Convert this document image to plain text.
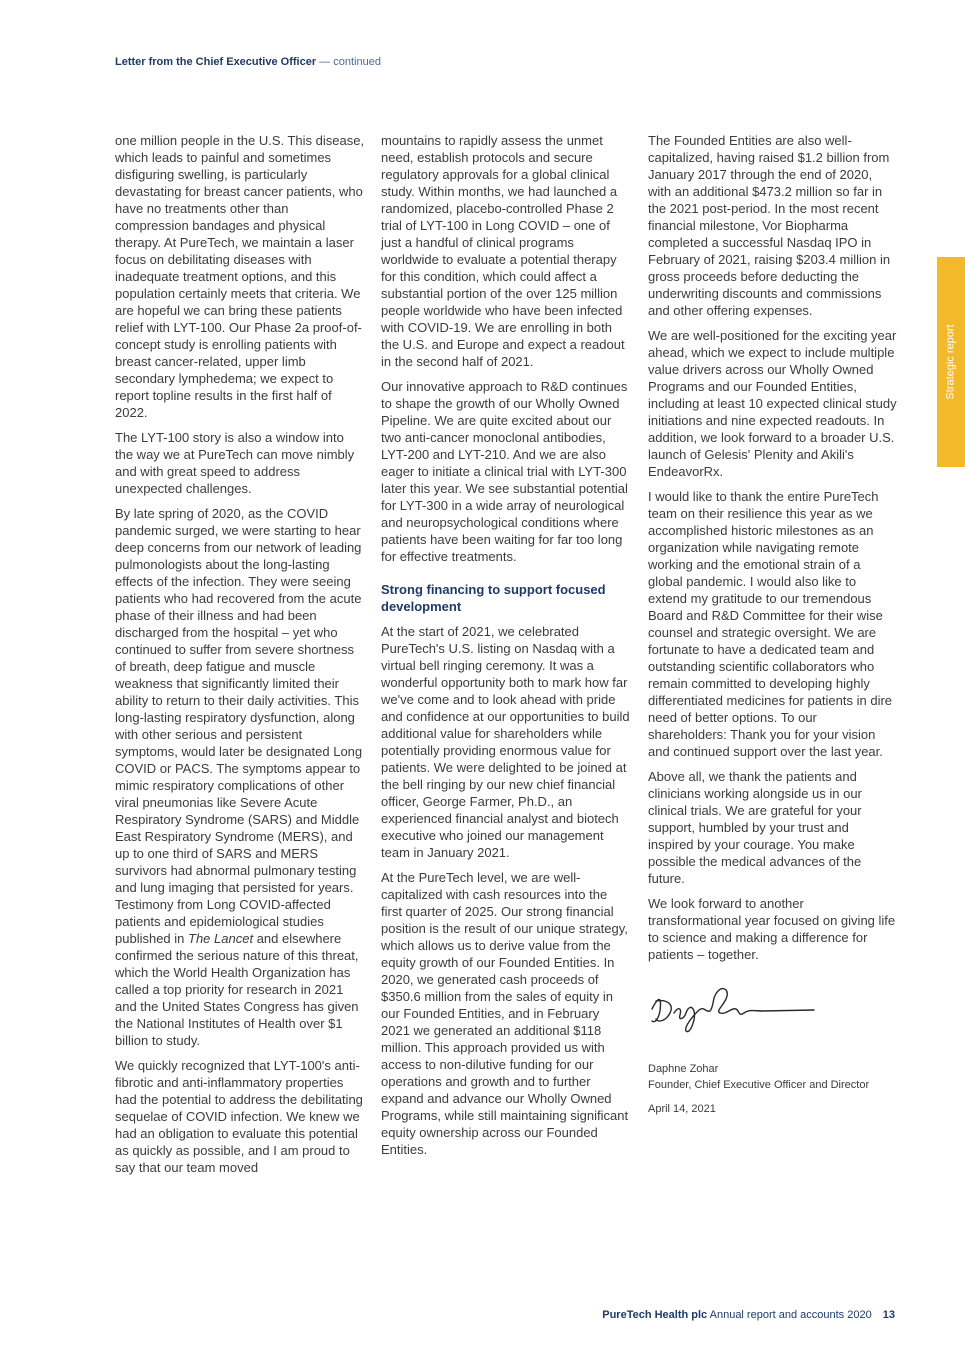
Letter from the Chief Executive Officer — continued

one million people in the U.S. This disease, which leads to painful and sometimes disfiguring swelling, is particularly devastating for breast cancer patients, who have no treatments other than compression bandages and physical therapy. At PureTech, we maintain a laser focus on debilitating diseases with inadequate treatment options, and this population certainly meets that criteria. We are hopeful we can bring these patients relief with LYT-100. Our Phase 2a proof-of-concept study is enrolling patients with breast cancer-related, upper limb secondary lymphedema; we expect to report topline results in the first half of 2022.

The LYT-100 story is also a window into the way we at PureTech can move nimbly and with great speed to address unexpected challenges.

By late spring of 2020, as the COVID pandemic surged, we were starting to hear deep concerns from our network of leading pulmonologists about the long-lasting effects of the infection. They were seeing patients who had recovered from the acute phase of their illness and had been discharged from the hospital – yet who continued to suffer from severe shortness of breath, deep fatigue and muscle weakness that significantly limited their ability to return to their daily activities. This long-lasting respiratory dysfunction, along with other serious and persistent symptoms, would later be designated Long COVID or PACS. The symptoms appear to mimic respiratory complications of other viral pneumonias like Severe Acute Respiratory Syndrome (SARS) and Middle East Respiratory Syndrome (MERS), and up to one third of SARS and MERS survivors had abnormal pulmonary testing and lung imaging that persisted for years. Testimony from Long COVID-affected patients and epidemiological studies published in The Lancet and elsewhere confirmed the serious nature of this threat, which the World Health Organization has called a top priority for research in 2021 and the United States Congress has given the National Institutes of Health over $1 billion to study.

We quickly recognized that LYT-100's anti-fibrotic and anti-inflammatory properties had the potential to address the debilitating sequelae of COVID infection. We knew we had an obligation to evaluate this potential as quickly as possible, and I am proud to say that our team moved

mountains to rapidly assess the unmet need, establish protocols and secure regulatory approvals for a global clinical study. Within months, we had launched a randomized, placebo-controlled Phase 2 trial of LYT-100 in Long COVID – one of just a handful of clinical programs worldwide to evaluate a potential therapy for this condition, which could affect a substantial portion of the over 125 million people worldwide who have been infected with COVID-19. We are enrolling in both the U.S. and Europe and expect a readout in the second half of 2021.

Our innovative approach to R&D continues to shape the growth of our Wholly Owned Pipeline. We are quite excited about our two anti-cancer monoclonal antibodies, LYT-200 and LYT-210. And we are also eager to initiate a clinical trial with LYT-300 later this year. We see substantial potential for LYT-300 in a wide array of neurological and neuropsychological conditions where patients have been waiting for far too long for effective treatments.

Strong financing to support focused development

At the start of 2021, we celebrated PureTech's U.S. listing on Nasdaq with a virtual bell ringing ceremony. It was a wonderful opportunity both to mark how far we've come and to look ahead with pride and confidence at our opportunities to build additional value for shareholders while potentially providing enormous value for patients. We were delighted to be joined at the bell ringing by our new chief financial officer, George Farmer, Ph.D., an experienced financial analyst and biotech executive who joined our management team in January 2021.

At the PureTech level, we are well-capitalized with cash resources into the first quarter of 2025. Our strong financial position is the result of our unique strategy, which allows us to derive value from the equity growth of our Founded Entities. In 2020, we generated cash proceeds of $350.6 million from the sales of equity in our Founded Entities, and in February 2021 we generated an additional $118 million. This approach provided us with access to non-dilutive funding for our operations and growth and to further expand and advance our Wholly Owned Programs, while still maintaining significant equity ownership across our Founded Entities.

The Founded Entities are also well-capitalized, having raised $1.2 billion from January 2017 through the end of 2020, with an additional $473.2 million so far in the 2021 post-period. In the most recent financial milestone, Vor Biopharma completed a successful Nasdaq IPO in February of 2021, raising $203.4 million in gross proceeds before deducting the underwriting discounts and commissions and other offering expenses.

We are well-positioned for the exciting year ahead, which we expect to include multiple value drivers across our Wholly Owned Programs and our Founded Entities, including at least 10 expected clinical study initiations and nine expected readouts. In addition, we look forward to a broader U.S. launch of Gelesis' Plenity and Akili's EndeavorRx.

I would like to thank the entire PureTech team on their resilience this year as we accomplished historic milestones as an organization while navigating remote working and the emotional strain of a global pandemic. I would also like to extend my gratitude to our tremendous Board and R&D Committee for their wise counsel and strategic oversight. We are fortunate to have a dedicated team and outstanding scientific collaborators who remain committed to developing highly differentiated medicines for patients in dire need of better options. To our shareholders: Thank you for your vision and continued support over the last year.

Above all, we thank the patients and clinicians working alongside us in our clinical trials. We are grateful for your support, humbled by your trust and inspired by your courage. You make possible the medical advances of the future.

We look forward to another transformational year focused on giving life to science and making a difference for patients – together.

Daphne Zohar
Founder, Chief Executive Officer and Director
April 14, 2021
Strategic report
PureTech Health plc Annual report and accounts 2020 13
